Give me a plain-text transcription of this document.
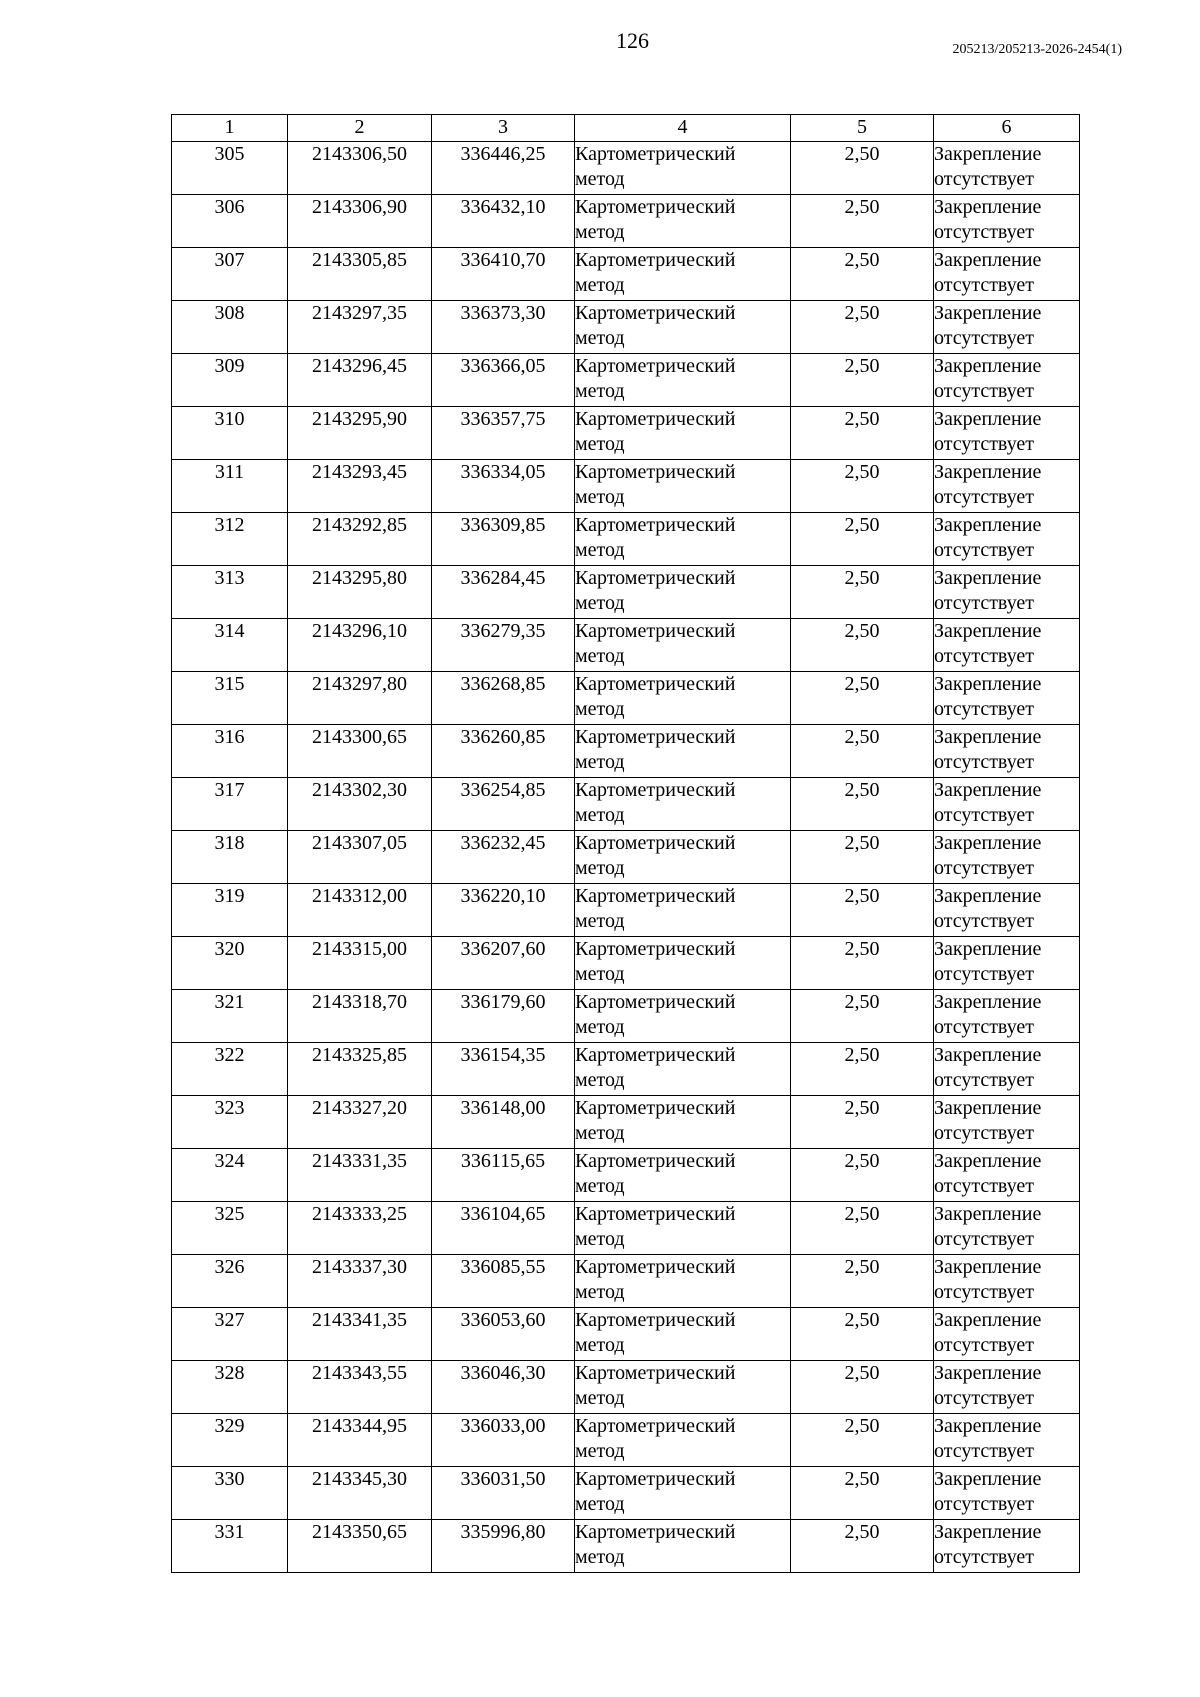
126	205213/205213-2026-2454(1)
1	2	3	4	5	6
305	2143306,50	336446,25	Картометрический метод	2,50	Закрепление отсутствует
306	2143306,90	336432,10	Картометрический метод	2,50	Закрепление отсутствует
307	2143305,85	336410,70	Картометрический метод	2,50	Закрепление отсутствует
308	2143297,35	336373,30	Картометрический метод	2,50	Закрепление отсутствует
309	2143296,45	336366,05	Картометрический метод	2,50	Закрепление отсутствует
310	2143295,90	336357,75	Картометрический метод	2,50	Закрепление отсутствует
311	2143293,45	336334,05	Картометрический метод	2,50	Закрепление отсутствует
312	2143292,85	336309,85	Картометрический метод	2,50	Закрепление отсутствует
313	2143295,80	336284,45	Картометрический метод	2,50	Закрепление отсутствует
314	2143296,10	336279,35	Картометрический метод	2,50	Закрепление отсутствует
315	2143297,80	336268,85	Картометрический метод	2,50	Закрепление отсутствует
316	2143300,65	336260,85	Картометрический метод	2,50	Закрепление отсутствует
317	2143302,30	336254,85	Картометрический метод	2,50	Закрепление отсутствует
318	2143307,05	336232,45	Картометрический метод	2,50	Закрепление отсутствует
319	2143312,00	336220,10	Картометрический метод	2,50	Закрепление отсутствует
320	2143315,00	336207,60	Картометрический метод	2,50	Закрепление отсутствует
321	2143318,70	336179,60	Картометрический метод	2,50	Закрепление отсутствует
322	2143325,85	336154,35	Картометрический метод	2,50	Закрепление отсутствует
323	2143327,20	336148,00	Картометрический метод	2,50	Закрепление отсутствует
324	2143331,35	336115,65	Картометрический метод	2,50	Закрепление отсутствует
325	2143333,25	336104,65	Картометрический метод	2,50	Закрепление отсутствует
326	2143337,30	336085,55	Картометрический метод	2,50	Закрепление отсутствует
327	2143341,35	336053,60	Картометрический метод	2,50	Закрепление отсутствует
328	2143343,55	336046,30	Картометрический метод	2,50	Закрепление отсутствует
329	2143344,95	336033,00	Картометрический метод	2,50	Закрепление отсутствует
330	2143345,30	336031,50	Картометрический метод	2,50	Закрепление отсутствует
331	2143350,65	335996,80	Картометрический метод	2,50	Закрепление отсутствует
